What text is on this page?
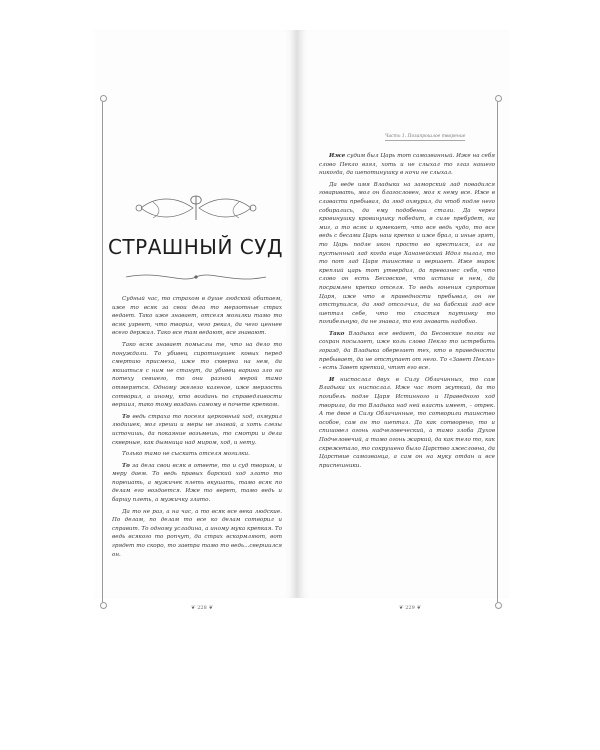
СТРАШНЫЙ СУД

Судный час, то страхом в душе людской обитаем, иже то всяк за свои дела то мерзотные страх ведает. Тако иже знавает, отселя могилки тамо то всяк узреет, что творил, чего рекал, да чего ценнее всего держал. Тако все там ведают, все знавают.

Тако всяк знавает помыслы те, что на дело то понуждали. То убивец сиротинушек ковых перед смертию присмеха, иже то скверна на нем, да якшаться с ним не станут, да убивец варина зло на потеху севшего, то они разной мерой тамо отмерятся. Одному железо каленое, иже мерзость сотворил, а иному, кто воздань по справедливости вершил, тако тому воздань самому в почете крепком.

То ведь страха то посеял церковный ход, охмурил людишек, мол греши и меры не знавай, а хоть слезы источишь, да покаяние возьмешь, то смотри и дела скверные, как дымница над миром, ход, и нету.

Только тамо не сыскать отселя могилки.

То за дела свои всяк в ответе, то и суд творим, и меру даем. То ведь правых барский ход злато то порешать, а мужичек плеть вкушать, тамо всяк по делам его воздается. Иже то верет, тамо ведь и баршу плеть, а мужичку злато.

Да то не раз, а на час, а то всяк все века людские. По делам, по делам то все ко делам сотворил и справит. То одному усладина, а иному мука крепкая. То ведь всякого то ропчут, да страх вскормляют, вот грядет то скоро, то завтра тамо то ведь...свершился он.

❦ 228 ❦
Часть 1. Позапрошлое творение

Иже судим был Царь тот самозванный. Иже на себя слово Пекло взял, хоть и не слыхал то глаз нашего никогда, да шепотинушку в ночи не слыхал.

Да веде имя Владыки на заморский лад повадился говаривать, мол он благословен, мол к нему все. Иже в славасти пребывал, да люд охмурил, да чтоб подле него собирались, да ему подобеньи стали. Да через кровинушку кровинушку победит, в силе пребудет, на миг, а то всяк и кумекает, что все ведь чудо, то все ведь с бесами Царь наш крепко и иже брал, и иные зрят, то Царь подле икон просто во крестился, ал на пустынный лад когда еще Хананейский Идол пылал, то то пот лад Царя таинства и вершает. Иже мирок креплий царь тот утвердил, да превознес себя, что слово он есть Бесовское, что истина в нем, да посрамлен крепко отселя. То ведь гонения супротив Царя, иже что в праведности пребывал, он не отступился, да люд отсолчил, да на бабский лад все шептал себе, что то спастая паутинку то погибельную, да не знавал, то его знавать надобно.

Тако Владыка все ведает, да Бесовские полки на сохран посылает, иже коль слово Пекло то истребить горазд, да Владыка оберегает тех, кто в праведности пребывает, да не отступает от него. То «Завет Пекла» - есть Завет крепкий, чтят его все.

И ниспослал двух в Силу Облачинных, то сам Владыка их ниспослал. Иже час тот жуткий, да то погибель подле Царя Истинного и Праведного ход творила, да то Владыка над ней власть имеет, – отрек. А те двое в Силу Облачинные, то сотворили таинство особое, сам он то шептал. Да как сотворено, то и спишовел огонь надчеловеческий, а тамо злоба Духов Подчеловечий, а тамо огонь жаркий, да как тело то, как скрежетало, то сокрушено было Царство зжесловна, да Царствие самозванца, а сам он на муку отдан и все приспешники.

❦ 229 ❦
